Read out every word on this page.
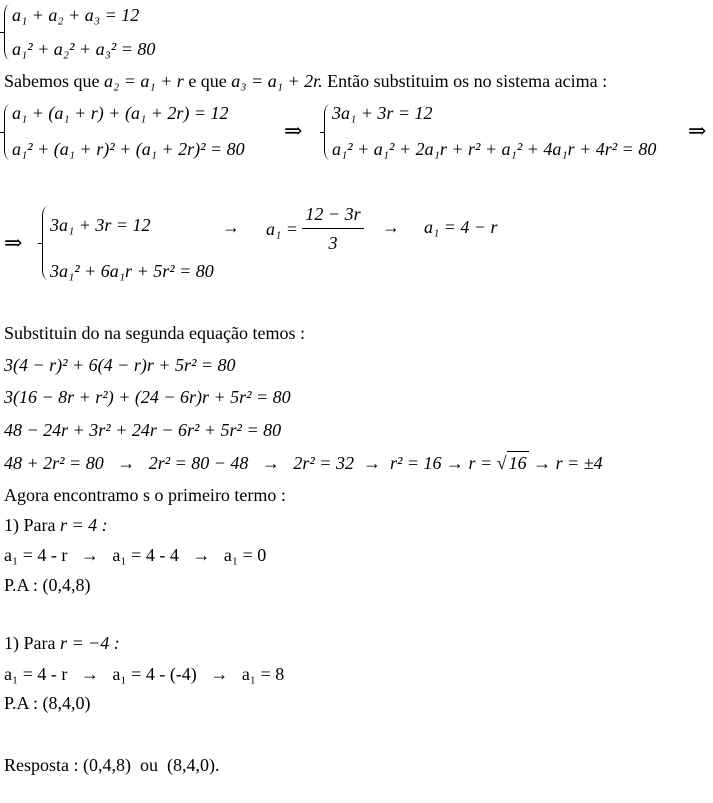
a₁ + a₂ + a₃ = 12
a₁² + a₂² + a₃² = 80
Sabemos que a₂ = a₁ + r e que a₃ = a₁ + 2r. Então substituim os no sistema acima :
a₁ + (a₁ + r) + (a₁ + 2r) = 12
a₁² + (a₁ + r)² + (a₁ + 2r)² = 80
⇒
3a₁ + 3r = 12
a₁² + a₁² + 2a₁r + r² + a₁² + 4a₁r + 4r² = 80
⇒
⇒
3a₁ + 3r = 12
3a₁² + 6a₁r + 5r² = 80
→ $a_1 = \frac{12 - 3r}{3} \to a_1 = 4 - r$
Substituin do na segunda equação temos :
3(4 − r)² + 6(4 − r)r + 5r² = 80
3(16 − 8r + r²) + (24 − 6r)r + 5r² = 80
48 − 24r + 3r² + 24r − 6r² + 5r² = 80
48 + 2r² = 80 → 2r² = 80 − 48 → 2r² = 32 → r² = 16 → r = √ 16 → r = ±4
Agora encontramo s o primeiro termo :
1) Para r = 4 :
a₁ = 4 - r → a₁ = 4 - 4 → a₁ = 0
P.A : (0,4,8)
1) Para r = −4 :
a₁ = 4 - r → a₁ = 4 - (-4) → a₁ = 8
P.A : (8,4,0)
Resposta : (0,4,8)  ou  (8,4,0).
